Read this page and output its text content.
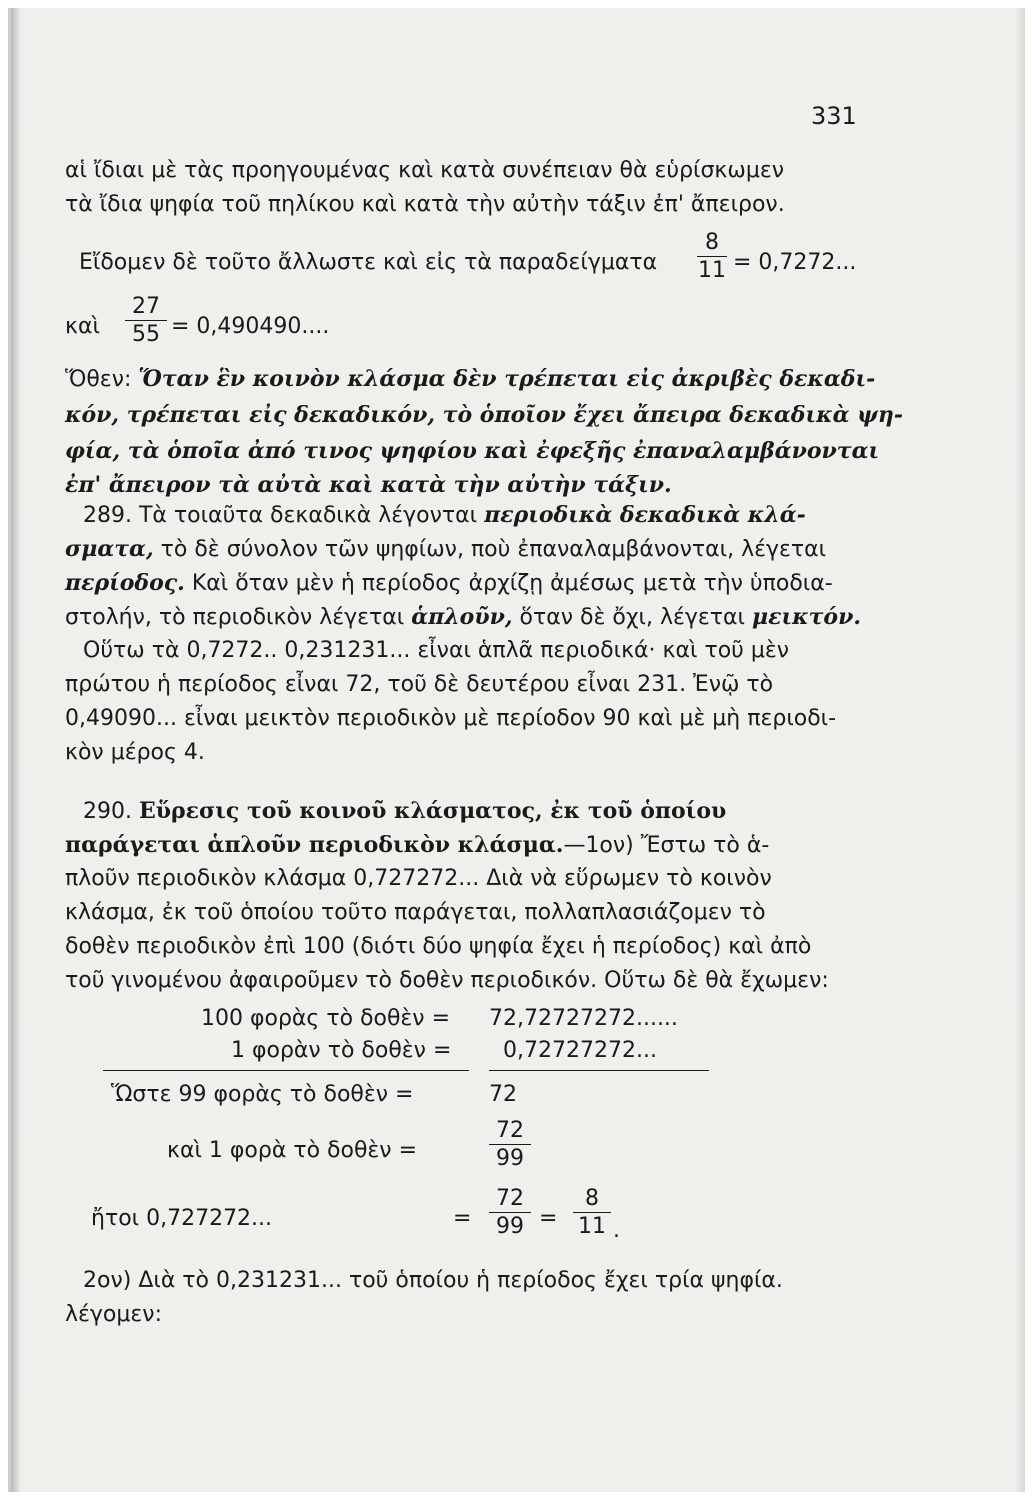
331
αἱ ἴδιαι μὲ τὰς προηγουμένας καὶ κατὰ συνέπειαν θὰ εὑρίσκωμεν
τὰ ἴδια ψηφία τοῦ πηλίκου καὶ κατὰ τὴν αὐτὴν τάξιν ἐπ' ἄπειρον.
Εἴδομεν δὲ τοῦτο ἄλλωστε καὶ εἰς τὰ παραδείγματα
8
11 = 0,7272...
καὶ
27
55 = 0,490490....
Ὅθεν: Ὅταν ἓν κοινὸν κλάσμα δὲν τρέπεται εἰς ἀκριβὲς δεκαδι-
κόν, τρέπεται εἰς δεκαδικόν, τὸ ὁποῖον ἔχει ἄπειρα δεκαδικὰ ψη-
φία, τὰ ὁποῖα ἀπό τινος ψηφίου καὶ ἐφεξῆς ἐπαναλαμβάνονται
ἐπ' ἄπειρον τὰ αὐτὰ καὶ κατὰ τὴν αὐτὴν τάξιν.
289. Τὰ τοιαῦτα δεκαδικὰ λέγονται περιοδικὰ δεκαδικὰ κλά-
σματα, τὸ δὲ σύνολον τῶν ψηφίων, ποὺ ἐπαναλαμβάνονται, λέγεται
περίοδος. Καὶ ὅταν μὲν ἡ περίοδος ἀρχίζῃ ἀμέσως μετὰ τὴν ὑποδια-
στολήν, τὸ περιοδικὸν λέγεται ἁπλοῦν, ὅταν δὲ ὄχι, λέγεται μεικτόν.
Οὕτω τὰ 0,7272.. 0,231231... εἶναι ἁπλᾶ περιοδικά· καὶ τοῦ μὲν
πρώτου ἡ περίοδος εἶναι 72, τοῦ δὲ δευτέρου εἶναι 231. Ἐνῷ τὸ
0,49090... εἶναι μεικτὸν περιοδικὸν μὲ περίοδον 90 καὶ μὲ μὴ περιοδι-
κὸν μέρος 4.
290. Εὕρεσις τοῦ κοινοῦ κλάσματος, ἐκ τοῦ ὁποίου
παράγεται ἁπλοῦν περιοδικὸν κλάσμα.—1ον) Ἔστω τὸ ἁ-
πλοῦν περιοδικὸν κλάσμα 0,727272... Διὰ νὰ εὕρωμεν τὸ κοινὸν
κλάσμα, ἐκ τοῦ ὁποίου τοῦτο παράγεται, πολλαπλασιάζομεν τὸ
δοθὲν περιοδικὸν ἐπὶ 100 (διότι δύο ψηφία ἔχει ἡ περίοδος) καὶ ἀπὸ
τοῦ γινομένου ἀφαιροῦμεν τὸ δοθὲν περιοδικόν. Οὕτω δὲ θὰ ἔχωμεν:
100 φορὰς τὸ δοθὲν = 72,72727272......
1 φορὰν τὸ δοθὲν = 0,72727272...
Ὥστε 99 φορὰς τὸ δοθὲν =	72
καὶ 1 φορὰ τὸ δοθὲν =
72
99
ἤτοι 0,727272...	=
72
99 =
8
11 .
2ον) Διὰ τὸ 0,231231... τοῦ ὁποίου ἡ περίοδος ἔχει τρία ψηφία.
λέγομεν:
